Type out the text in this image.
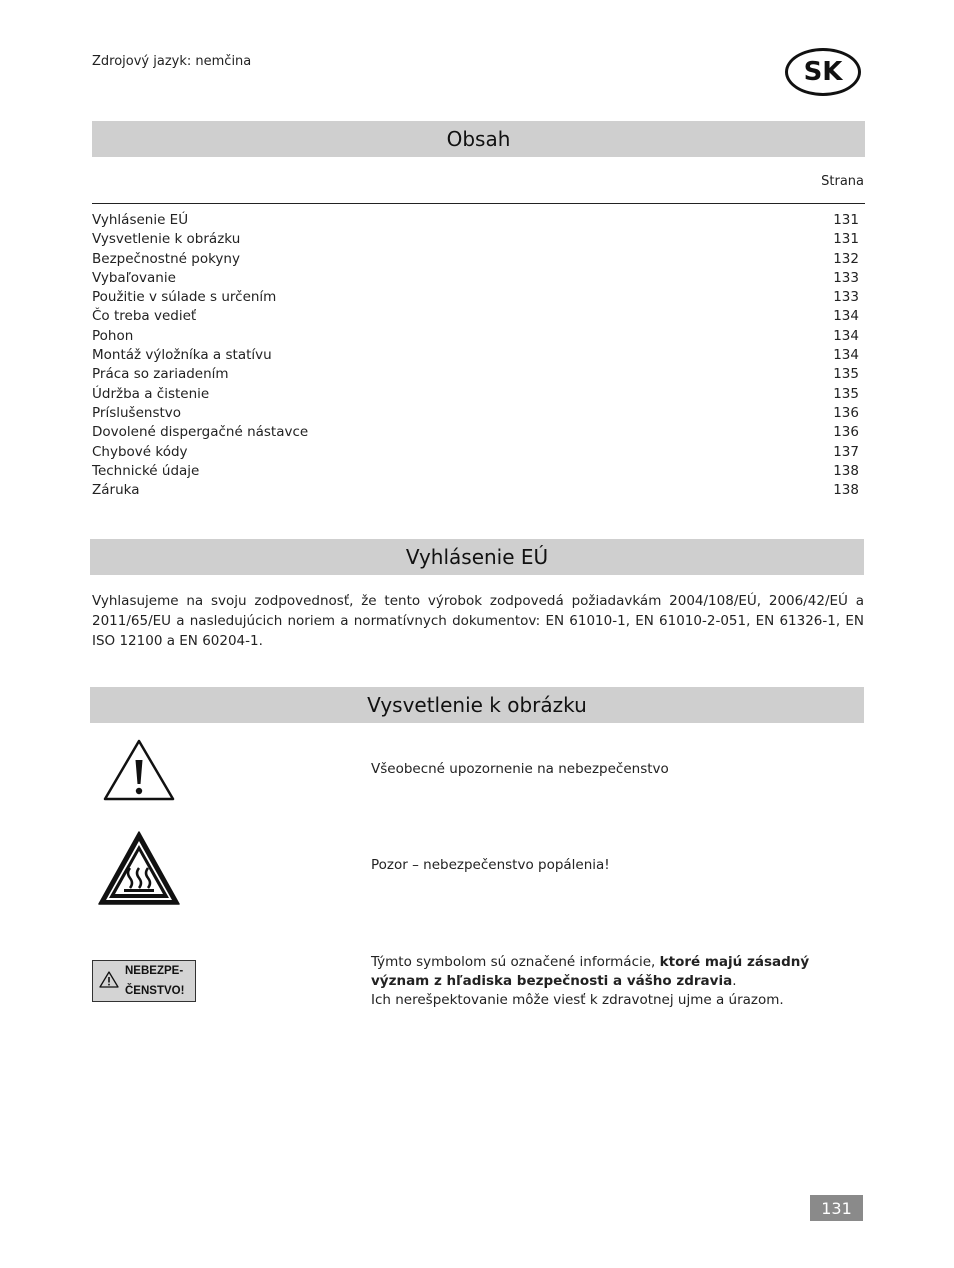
Zdrojový jazyk: nemčina	SK
Obsah
Strana
Vyhlásenie EÚ	131
Vysvetlenie k obrázku	131
Bezpečnostné pokyny	132
Vybaľovanie	133
Použitie v súlade s určením	133
Čo treba vedieť	134
Pohon	134
Montáž výložníka a statívu	134
Práca so zariadením	135
Údržba a čistenie	135
Príslušenstvo	136
Dovolené dispergačné nástavce	136
Chybové kódy	137
Technické údaje	138
Záruka	138
Vyhlásenie EÚ
Vyhlasujeme na svoju zodpovednosť, že tento výrobok zodpovedá požiadavkám 2004/108/EÚ, 2006/42/EÚ a 2011/65/EU a nasledujúcich noriem a normatívnych dokumentov: EN 61010-1, EN 61010-2-051, EN 61326-1, EN ISO 12100 a EN 60204-1.
Vysvetlenie k obrázku
NEBEZPE-
ČENSTVO!
Všeobecné upozornenie na nebezpečenstvo
Pozor – nebezpečenstvo popálenia!
Týmto symbolom sú označené informácie, ktoré majú zásadný význam z hľadiska bezpečnosti a vášho zdravia.
Ich nerešpektovanie môže viesť k zdravotnej ujme a úrazom.
131
